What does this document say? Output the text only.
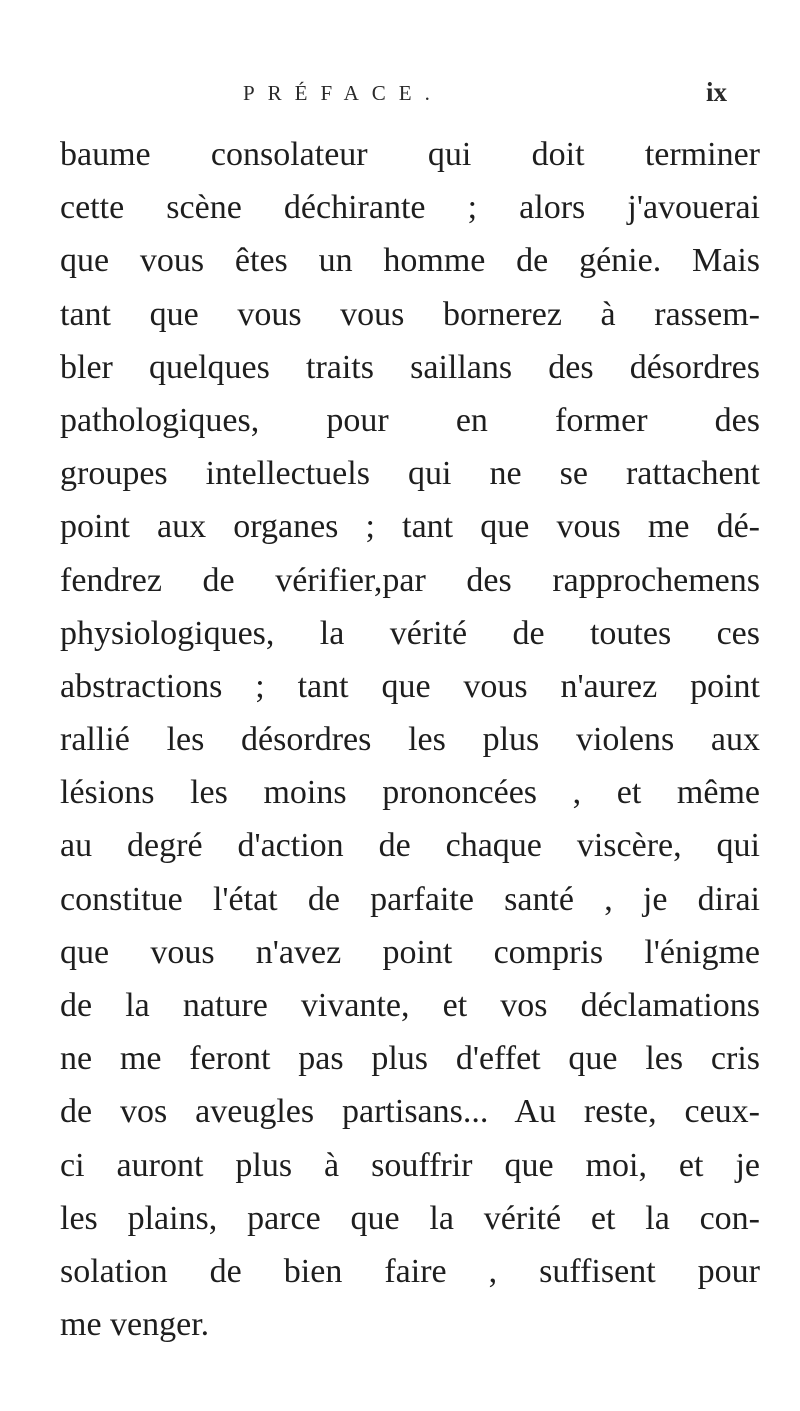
PRÉFACE.	ix
baume consolateur qui doit terminer
cette scène déchirante ; alors j'avouerai
que vous êtes un homme de génie. Mais
tant que vous vous bornerez à rassem-
bler quelques traits saillans des désordres
pathologiques, pour en former des
groupes intellectuels qui ne se rattachent
point aux organes ; tant que vous me dé-
fendrez de vérifier,par des rapprochemens
physiologiques, la vérité de toutes ces
abstractions ; tant que vous n'aurez point
rallié les désordres les plus violens aux
lésions les moins prononcées , et même
au degré d'action de chaque viscère, qui
constitue l'état de parfaite santé , je dirai
que vous n'avez point compris l'énigme
de la nature vivante, et vos déclamations
ne me feront pas plus d'effet que les cris
de vos aveugles partisans... Au reste, ceux-
ci auront plus à souffrir que moi, et je
les plains, parce que la vérité et la con-
solation de bien faire , suffisent pour
me venger.
